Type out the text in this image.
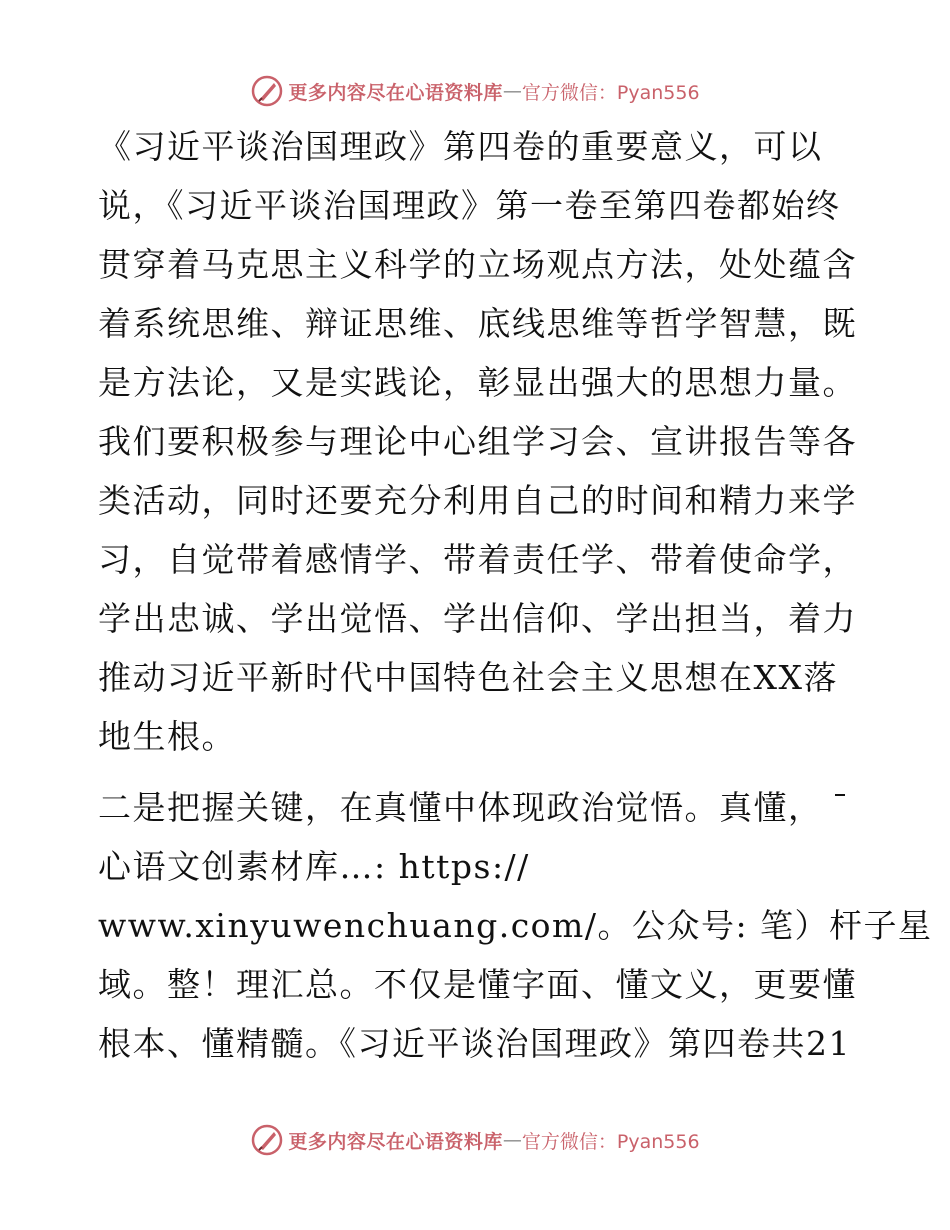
更多内容尽在心语资料库 — 官方微信：Pyan556

《习近平谈治国理政》第四卷的重要意义，可以
说，《习近平谈治国理政》第一卷至第四卷都始终
贯穿着马克思主义科学的立场观点方法，处处蕴含
着系统思维、辩证思维、底线思维等哲学智慧，既
是方法论，又是实践论，彰显出强大的思想力量。
我们要积极参与理论中心组学习会、宣讲报告等各
类活动，同时还要充分利用自己的时间和精力来学
习，自觉带着感情学、带着责任学、带着使命学，
学出忠诚、学出觉悟、学出信仰、学出担当，着力
推动习近平新时代中国特色社会主义思想在XX落
地生根。

二是把握关键，在真懂中体现政治觉悟。真懂，
心语文创素材库…: https://
www.xinyuwenchuang.com/。公众号: 笔）杆子星
域。整！理汇总。不仅是懂字面、懂文义，更要懂
根本、懂精髓。《习近平谈治国理政》第四卷共21

更多内容尽在心语资料库 — 官方微信：Pyan556
